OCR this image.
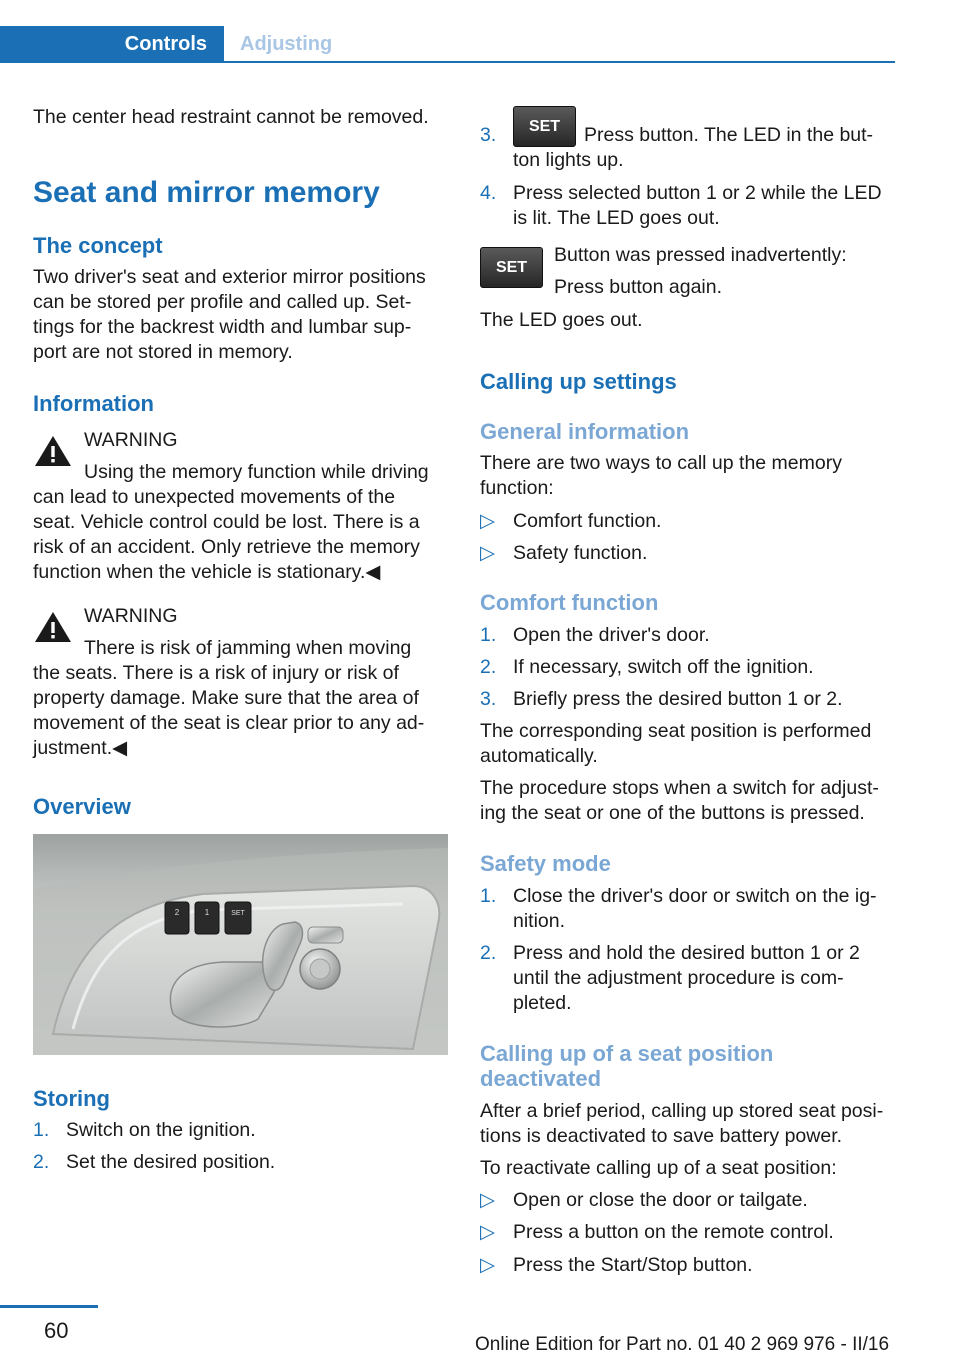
Controls	Adjusting
The center head restraint cannot be removed.
Seat and mirror memory
The concept
Two driver's seat and exterior mirror positions
can be stored per profile and called up. Set‐
tings for the backrest width and lumbar sup‐
port are not stored in memory.
Information
WARNING
Using the memory function while driving
can lead to unexpected movements of the
seat. Vehicle control could be lost. There is a
risk of an accident. Only retrieve the memory
function when the vehicle is stationary.◀
WARNING
There is risk of jamming when moving
the seats. There is a risk of injury or risk of
property damage. Make sure that the area of
movement of the seat is clear prior to any ad‐
justment.◀
Overview
2	1	SET
Storing
1. Switch on the ignition.
2. Set the desired position.
3.	SET	Press button. The LED in the but‐
ton lights up.
4. Press selected button 1 or 2 while the LED
is lit. The LED goes out.
SET
Button was pressed inadvertently:
Press button again.
The LED goes out.
Calling up settings
General information
There are two ways to call up the memory
function:
▷ Comfort function.
▷ Safety function.
Comfort function
1. Open the driver's door.
2. If necessary, switch off the ignition.
3. Briefly press the desired button 1 or 2.
The corresponding seat position is performed
automatically.
The procedure stops when a switch for adjust‐
ing the seat or one of the buttons is pressed.
Safety mode
1. Close the driver's door or switch on the ig‐
nition.
2. Press and hold the desired button 1 or 2
until the adjustment procedure is com‐
pleted.
Calling up of a seat position
deactivated
After a brief period, calling up stored seat posi‐
tions is deactivated to save battery power.
To reactivate calling up of a seat position:
▷ Open or close the door or tailgate.
▷ Press a button on the remote control.
▷ Press the Start/Stop button.
60
Online Edition for Part no. 01 40 2 969 976 - II/16
